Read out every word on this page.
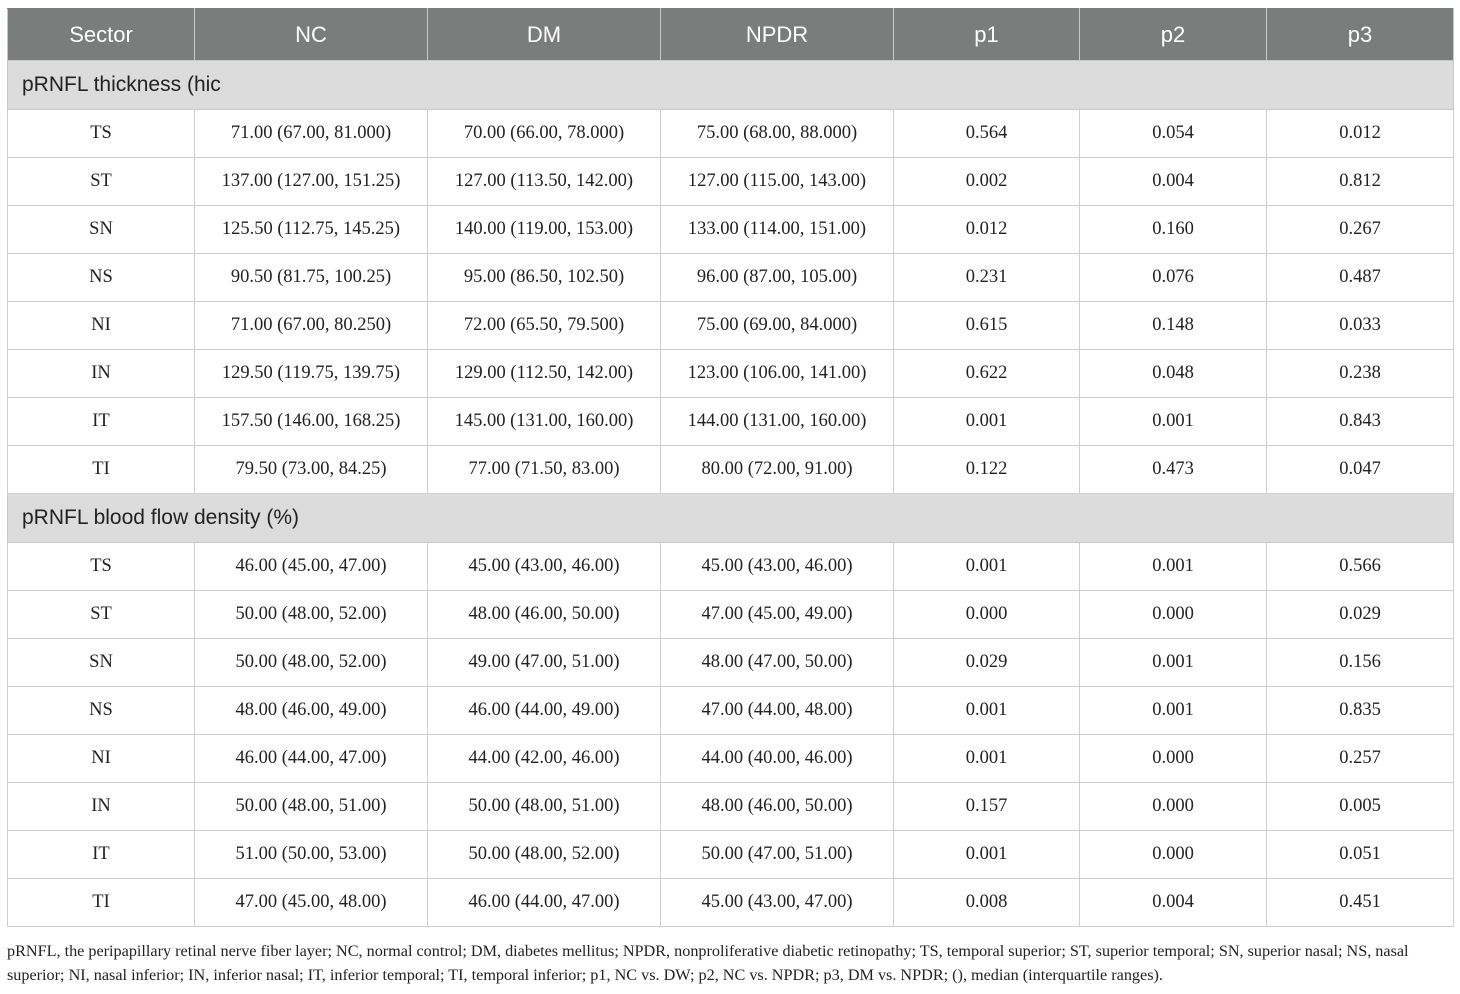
Sector	NC	DM	NPDR	p1	p2	p3
pRNFL thickness (hic						
TS	71.00 (67.00, 81.000)	70.00 (66.00, 78.000)	75.00 (68.00, 88.000)	0.564	0.054	0.012
ST	137.00 (127.00, 151.25)	127.00 (113.50, 142.00)	127.00 (115.00, 143.00)	0.002	0.004	0.812
SN	125.50 (112.75, 145.25)	140.00 (119.00, 153.00)	133.00 (114.00, 151.00)	0.012	0.160	0.267
NS	90.50 (81.75, 100.25)	95.00 (86.50, 102.50)	96.00 (87.00, 105.00)	0.231	0.076	0.487
NI	71.00 (67.00, 80.250)	72.00 (65.50, 79.500)	75.00 (69.00, 84.000)	0.615	0.148	0.033
IN	129.50 (119.75, 139.75)	129.00 (112.50, 142.00)	123.00 (106.00, 141.00)	0.622	0.048	0.238
IT	157.50 (146.00, 168.25)	145.00 (131.00, 160.00)	144.00 (131.00, 160.00)	0.001	0.001	0.843
TI	79.50 (73.00, 84.25)	77.00 (71.50, 83.00)	80.00 (72.00, 91.00)	0.122	0.473	0.047
pRNFL blood flow density (%)						
TS	46.00 (45.00, 47.00)	45.00 (43.00, 46.00)	45.00 (43.00, 46.00)	0.001	0.001	0.566
ST	50.00 (48.00, 52.00)	48.00 (46.00, 50.00)	47.00 (45.00, 49.00)	0.000	0.000	0.029
SN	50.00 (48.00, 52.00)	49.00 (47.00, 51.00)	48.00 (47.00, 50.00)	0.029	0.001	0.156
NS	48.00 (46.00, 49.00)	46.00 (44.00, 49.00)	47.00 (44.00, 48.00)	0.001	0.001	0.835
NI	46.00 (44.00, 47.00)	44.00 (42.00, 46.00)	44.00 (40.00, 46.00)	0.001	0.000	0.257
IN	50.00 (48.00, 51.00)	50.00 (48.00, 51.00)	48.00 (46.00, 50.00)	0.157	0.000	0.005
IT	51.00 (50.00, 53.00)	50.00 (48.00, 52.00)	50.00 (47.00, 51.00)	0.001	0.000	0.051
TI	47.00 (45.00, 48.00)	46.00 (44.00, 47.00)	45.00 (43.00, 47.00)	0.008	0.004	0.451
pRNFL, the peripapillary retinal nerve fiber layer; NC, normal control; DM, diabetes mellitus; NPDR, nonproliferative diabetic retinopathy; TS, temporal superior; ST, superior temporal; SN, superior nasal; NS, nasal superior; NI, nasal inferior; IN, inferior nasal; IT, inferior temporal; TI, temporal inferior; p1, NC vs. DW; p2, NC vs. NPDR; p3, DM vs. NPDR; (), median (interquartile ranges).
